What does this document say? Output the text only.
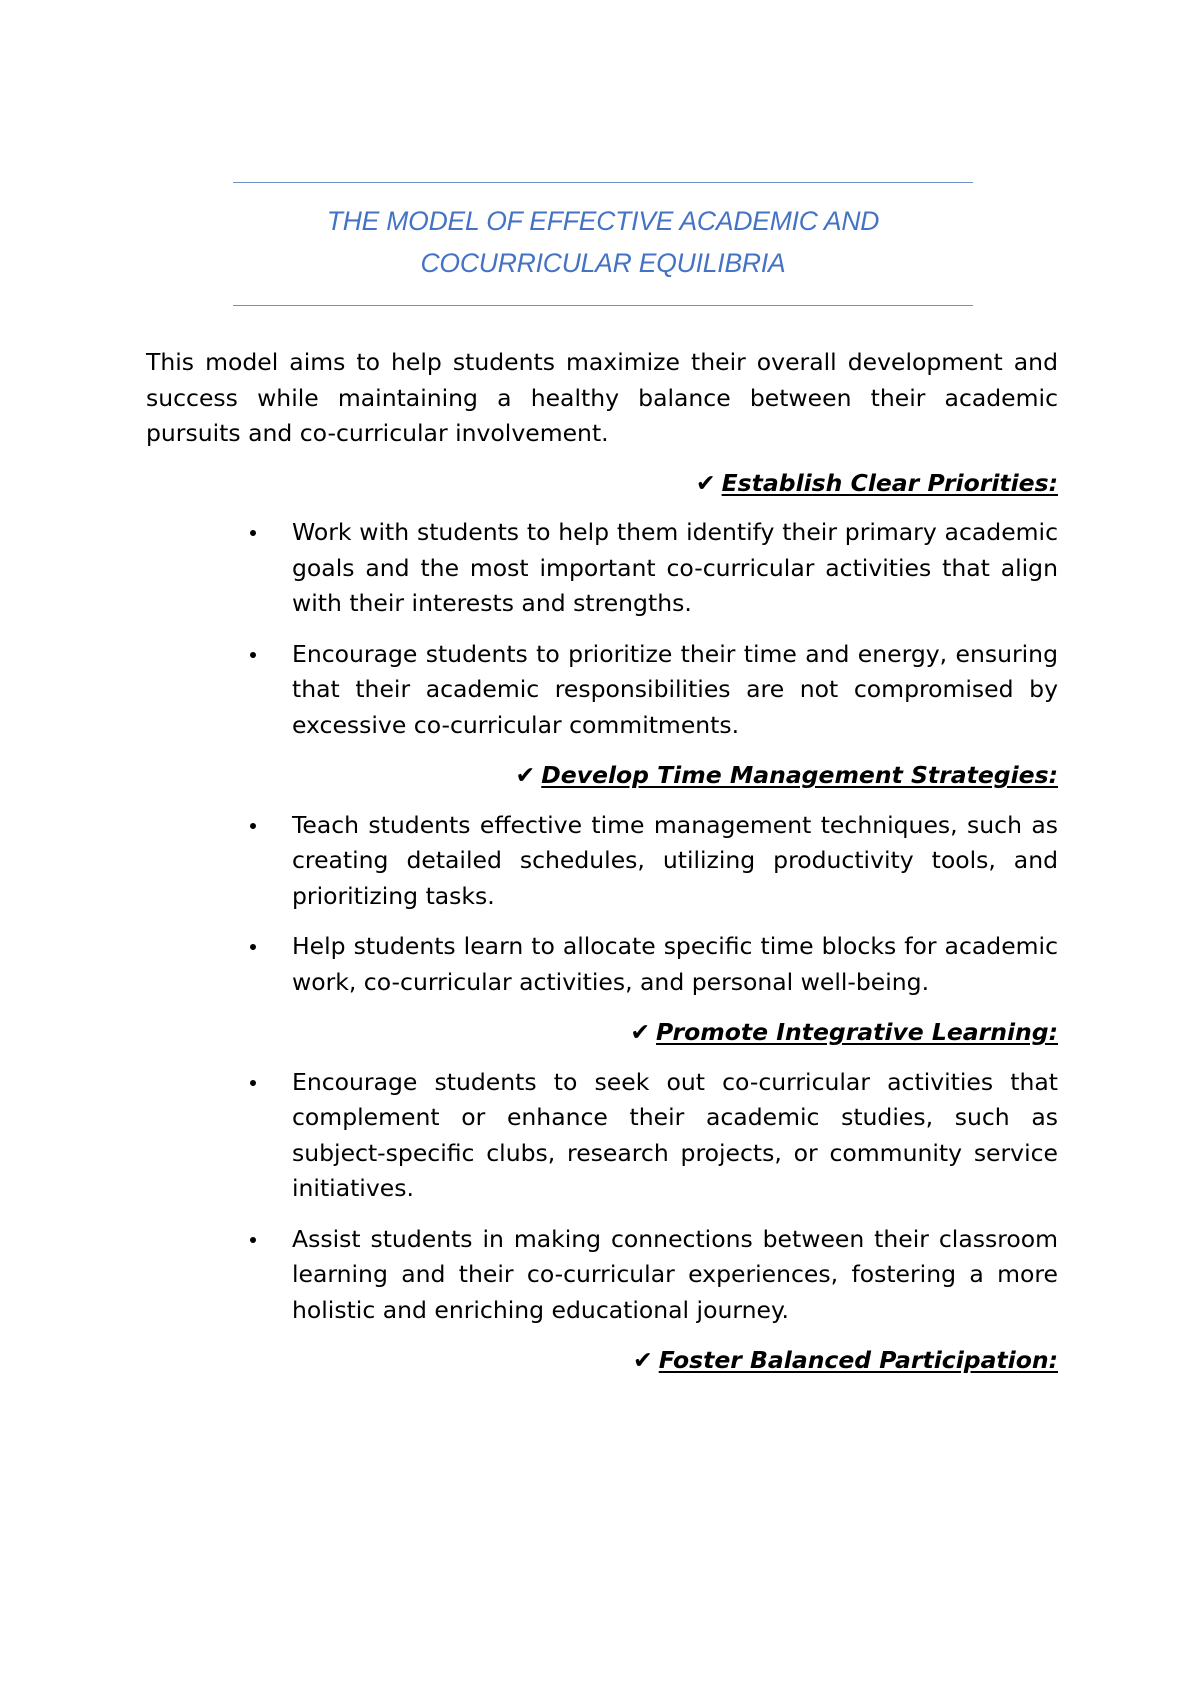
THE MODEL OF EFFECTIVE ACADEMIC AND
COCURRICULAR EQUILIBRIA

This model aims to help students maximize their overall development and success while maintaining a healthy balance between their academic pursuits and co-curricular involvement.

✔ Establish Clear Priorities:
Work with students to help them identify their primary academic goals and the most important co-curricular activities that align with their interests and strengths.
Encourage students to prioritize their time and energy, ensuring that their academic responsibilities are not compromised by excessive co-curricular commitments.
✔ Develop Time Management Strategies:
Teach students effective time management techniques, such as creating detailed schedules, utilizing productivity tools, and prioritizing tasks.
Help students learn to allocate specific time blocks for academic work, co-curricular activities, and personal well-being.
✔ Promote Integrative Learning:
Encourage students to seek out co-curricular activities that complement or enhance their academic studies, such as subject-specific clubs, research projects, or community service initiatives.
Assist students in making connections between their classroom learning and their co-curricular experiences, fostering a more holistic and enriching educational journey.
✔ Foster Balanced Participation:
